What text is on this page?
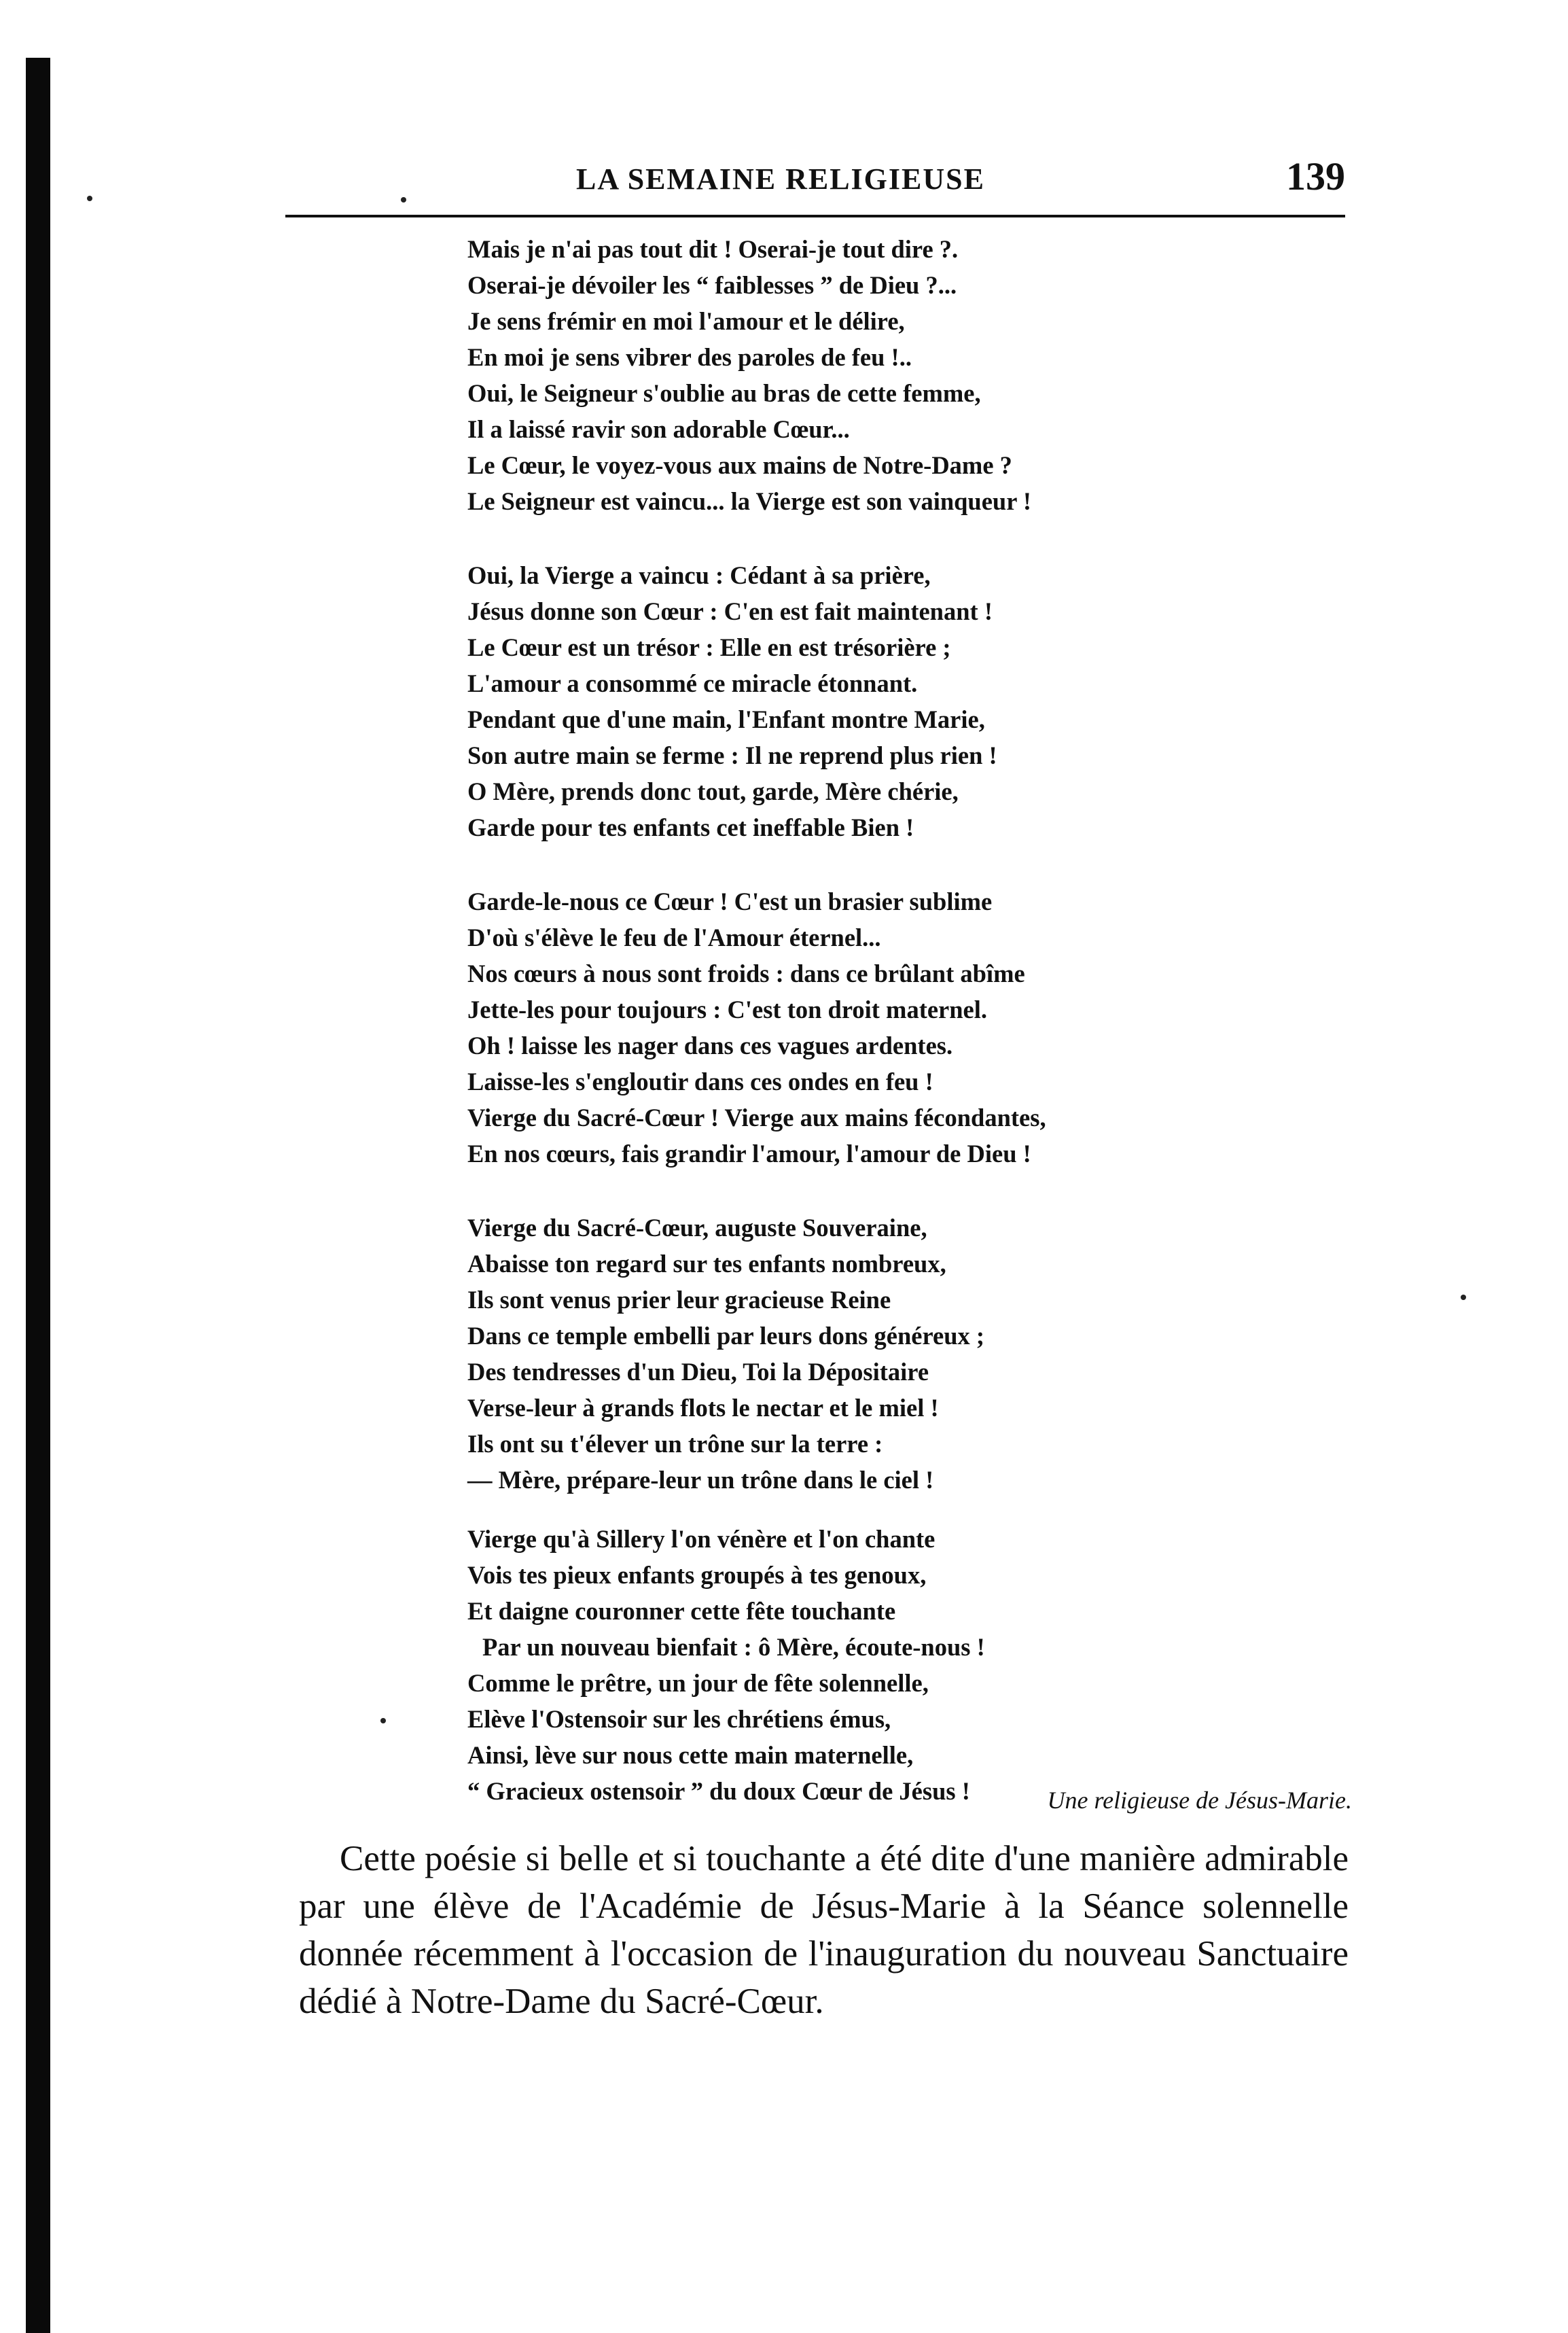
LA SEMAINE RELIGIEUSE	139
Mais je n'ai pas tout dit ! Oserai-je tout dire ?.
Oserai-je dévoiler les “ faiblesses ” de Dieu ?...
Je sens frémir en moi l'amour et le délire,
En moi je sens vibrer des paroles de feu !..
Oui, le Seigneur s'oublie au bras de cette femme,
Il a laissé ravir son adorable Cœur...
Le Cœur, le voyez-vous aux mains de Notre-Dame ?
Le Seigneur est vaincu... la Vierge est son vainqueur !
Oui, la Vierge a vaincu : Cédant à sa prière,
Jésus donne son Cœur : C'en est fait maintenant !
Le Cœur est un trésor : Elle en est trésorière ;
L'amour a consommé ce miracle étonnant.
Pendant que d'une main, l'Enfant montre Marie,
Son autre main se ferme : Il ne reprend plus rien !
O Mère, prends donc tout, garde, Mère chérie,
Garde pour tes enfants cet ineffable Bien !
Garde-le-nous ce Cœur ! C'est un brasier sublime
D'où s'élève le feu de l'Amour éternel...
Nos cœurs à nous sont froids : dans ce brûlant abîme
Jette-les pour toujours : C'est ton droit maternel.
Oh ! laisse les nager dans ces vagues ardentes.
Laisse-les s'engloutir dans ces ondes en feu !
Vierge du Sacré-Cœur ! Vierge aux mains fécondantes,
En nos cœurs, fais grandir l'amour, l'amour de Dieu !
Vierge du Sacré-Cœur, auguste Souveraine,
Abaisse ton regard sur tes enfants nombreux,
Ils sont venus prier leur gracieuse Reine
Dans ce temple embelli par leurs dons généreux ;
Des tendresses d'un Dieu, Toi la Dépositaire
Verse-leur à grands flots le nectar et le miel !
Ils ont su t'élever un trône sur la terre :
— Mère, prépare-leur un trône dans le ciel !
Vierge qu'à Sillery l'on vénère et l'on chante
Vois tes pieux enfants groupés à tes genoux,
Et daigne couronner cette fête touchante
Par un nouveau bienfait : ô Mère, écoute-nous !
Comme le prêtre, un jour de fête solennelle,
Elève l'Ostensoir sur les chrétiens émus,
Ainsi, lève sur nous cette main maternelle,
“ Gracieux ostensoir ” du doux Cœur de Jésus !	Une religieuse de Jésus-Marie.

Cette poésie si belle et si touchante a été dite d'une manière admirable par une élève de l'Académie de Jésus-Marie à la Séance solennelle donnée récemment à l'occasion de l'inauguration du nouveau Sanctuaire dédié à Notre-Dame du Sacré-Cœur.
